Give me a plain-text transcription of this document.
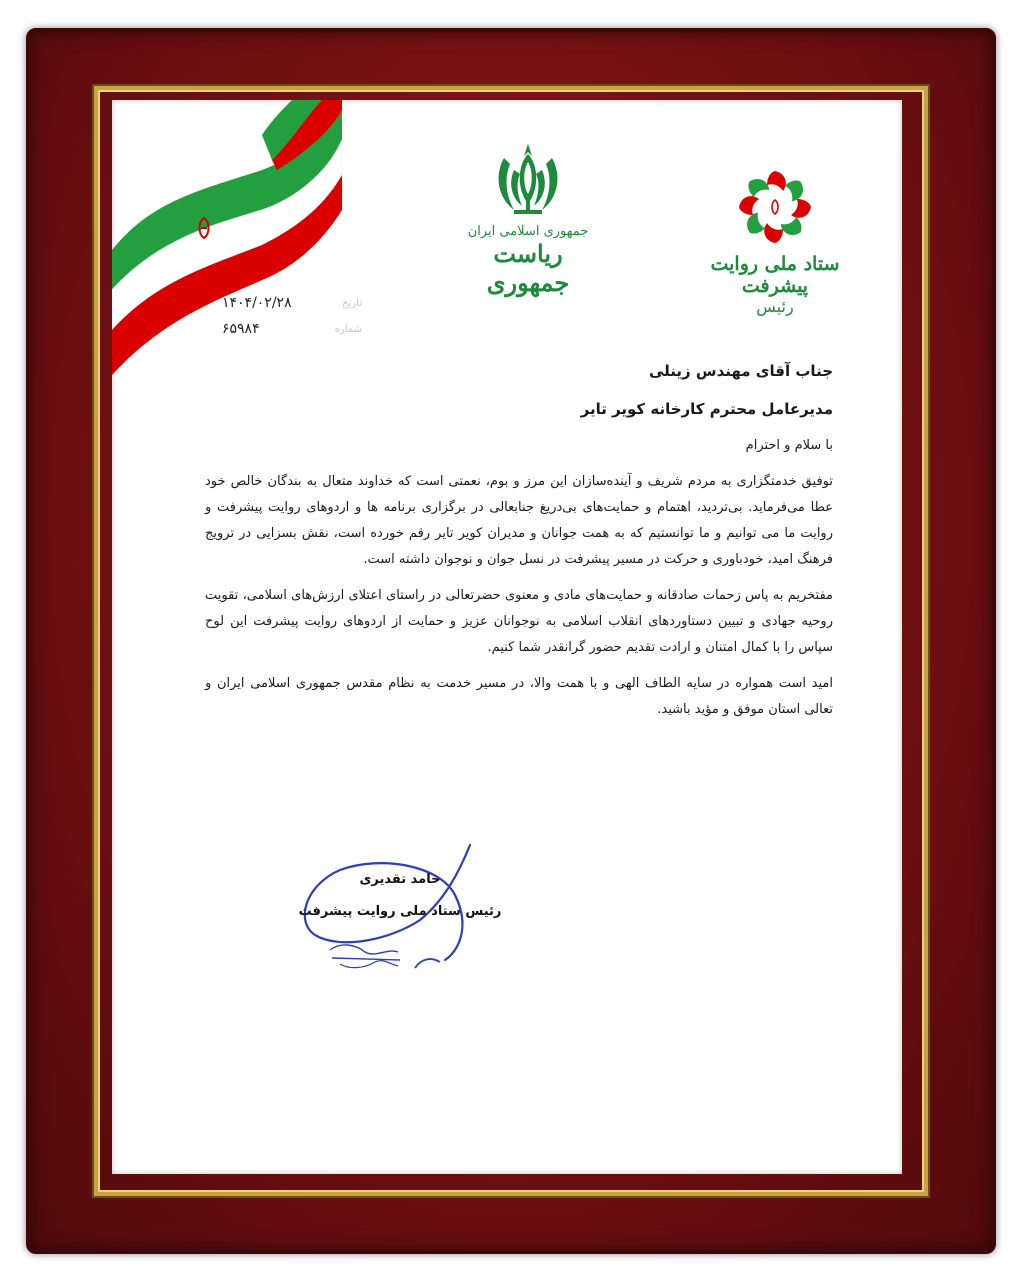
جمهوری اسلامی ایران
ریاست جمهوری
ستاد ملی روایت پیشرفت
رئیس
تاریخ
۱۴۰۴/۰۲/۲۸
شماره
۶۵۹۸۴

جناب آقای مهندس زینلی

مدیرعامل محترم کارخانه کویر تایر

با سلام و احترام

توفیق خدمتگزاری به مردم شریف و آینده‌سازان این مرز و بوم، نعمتی است که خداوند متعال به بندگان خالص خود عطا می‌فرماید. بی‌تردید، اهتمام و حمایت‌های بی‌دریغ جنابعالی در برگزاری برنامه ها و اردوهای روایت پیشرفت و روایت ما می توانیم و ما توانستیم که به همت جوانان و مدیران کویر تایر رقم خورده است، نقش بسزایی در ترویج فرهنگ امید، خودباوری و حرکت در مسیر پیشرفت در نسل جوان و نوجوان داشته است.

مفتخریم به پاس زحمات صادقانه و حمایت‌های مادی و معنوی حضرتعالی در راستای اعتلای ارزش‌های اسلامی، تقویت روحیه جهادی و تبیین دستاوردهای انقلاب اسلامی به نوجوانان عزیز و حمایت از اردوهای روایت پیشرفت این لوح سپاس را با کمال امتنان و ارادت تقدیم حضور گرانقدر شما کنیم.

امید است همواره در سایه الطاف الهی و با همت والا، در مسیر خدمت به نظام مقدس جمهوری اسلامی ایران و تعالی استان موفق و مؤید باشید.

حامد تقدیری
رئیس ستاد ملی روایت پیشرفت
